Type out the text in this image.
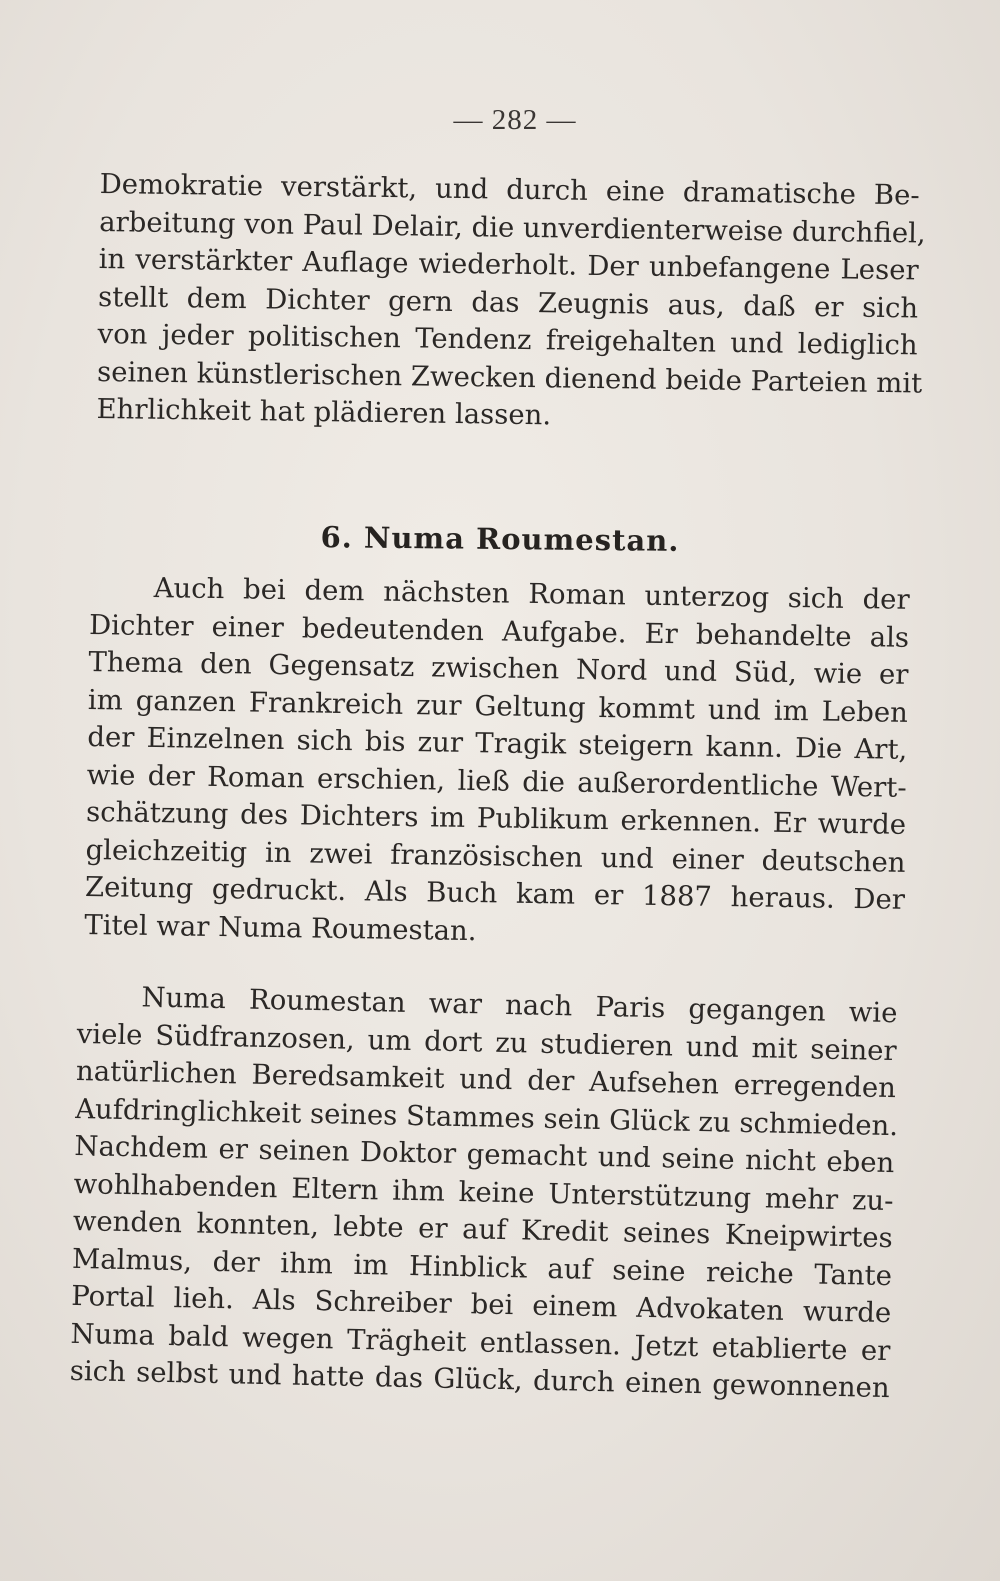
— 282 —
Demokratie verstärkt, und durch eine dramatische Be-
arbeitung von Paul Delair, die unverdienterweise durchfiel,
in verstärkter Auflage wiederholt. Der unbefangene Leser
stellt dem Dichter gern das Zeugnis aus, daß er sich
von jeder politischen Tendenz freigehalten und lediglich
seinen künstlerischen Zwecken dienend beide Parteien mit
Ehrlichkeit hat plädieren lassen.
6. Numa Roumestan.
Auch bei dem nächsten Roman unterzog sich der
Dichter einer bedeutenden Aufgabe. Er behandelte als
Thema den Gegensatz zwischen Nord und Süd, wie er
im ganzen Frankreich zur Geltung kommt und im Leben
der Einzelnen sich bis zur Tragik steigern kann. Die Art,
wie der Roman erschien, ließ die außerordentliche Wert-
schätzung des Dichters im Publikum erkennen. Er wurde
gleichzeitig in zwei französischen und einer deutschen
Zeitung gedruckt. Als Buch kam er 1887 heraus. Der
Titel war Numa Roumestan.
Numa Roumestan war nach Paris gegangen wie
viele Südfranzosen, um dort zu studieren und mit seiner
natürlichen Beredsamkeit und der Aufsehen erregenden
Aufdringlichkeit seines Stammes sein Glück zu schmieden.
Nachdem er seinen Doktor gemacht und seine nicht eben
wohlhabenden Eltern ihm keine Unterstützung mehr zu-
wenden konnten, lebte er auf Kredit seines Kneipwirtes
Malmus, der ihm im Hinblick auf seine reiche Tante
Portal lieh. Als Schreiber bei einem Advokaten wurde
Numa bald wegen Trägheit entlassen. Jetzt etablierte er
sich selbst und hatte das Glück, durch einen gewonnenen
